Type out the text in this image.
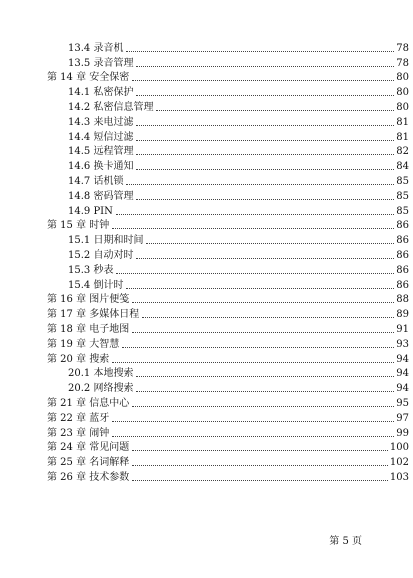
13.4 录音机	78
13.5 录音管理	78
第 14 章 安全保密	80
14.1 私密保护	80
14.2 私密信息管理	80
14.3 来电过滤	81
14.4 短信过滤	81
14.5 远程管理	82
14.6 换卡通知	84
14.7 话机锁	85
14.8 密码管理	85
14.9 PIN	85
第 15 章 时钟	86
15.1 日期和时间	86
15.2 自动对时	86
15.3 秒表	86
15.4 倒计时	86
第 16 章 图片便笺	88
第 17 章 多媒体日程	89
第 18 章 电子地图	91
第 19 章 大智慧	93
第 20 章 搜索	94
20.1 本地搜索	94
20.2 网络搜索	94
第 21 章 信息中心	95
第 22 章 蓝牙	97
第 23 章 闹钟	99
第 24 章 常见问题	100
第 25 章 名词解释	102
第 26 章 技术参数	103
第 5 页
